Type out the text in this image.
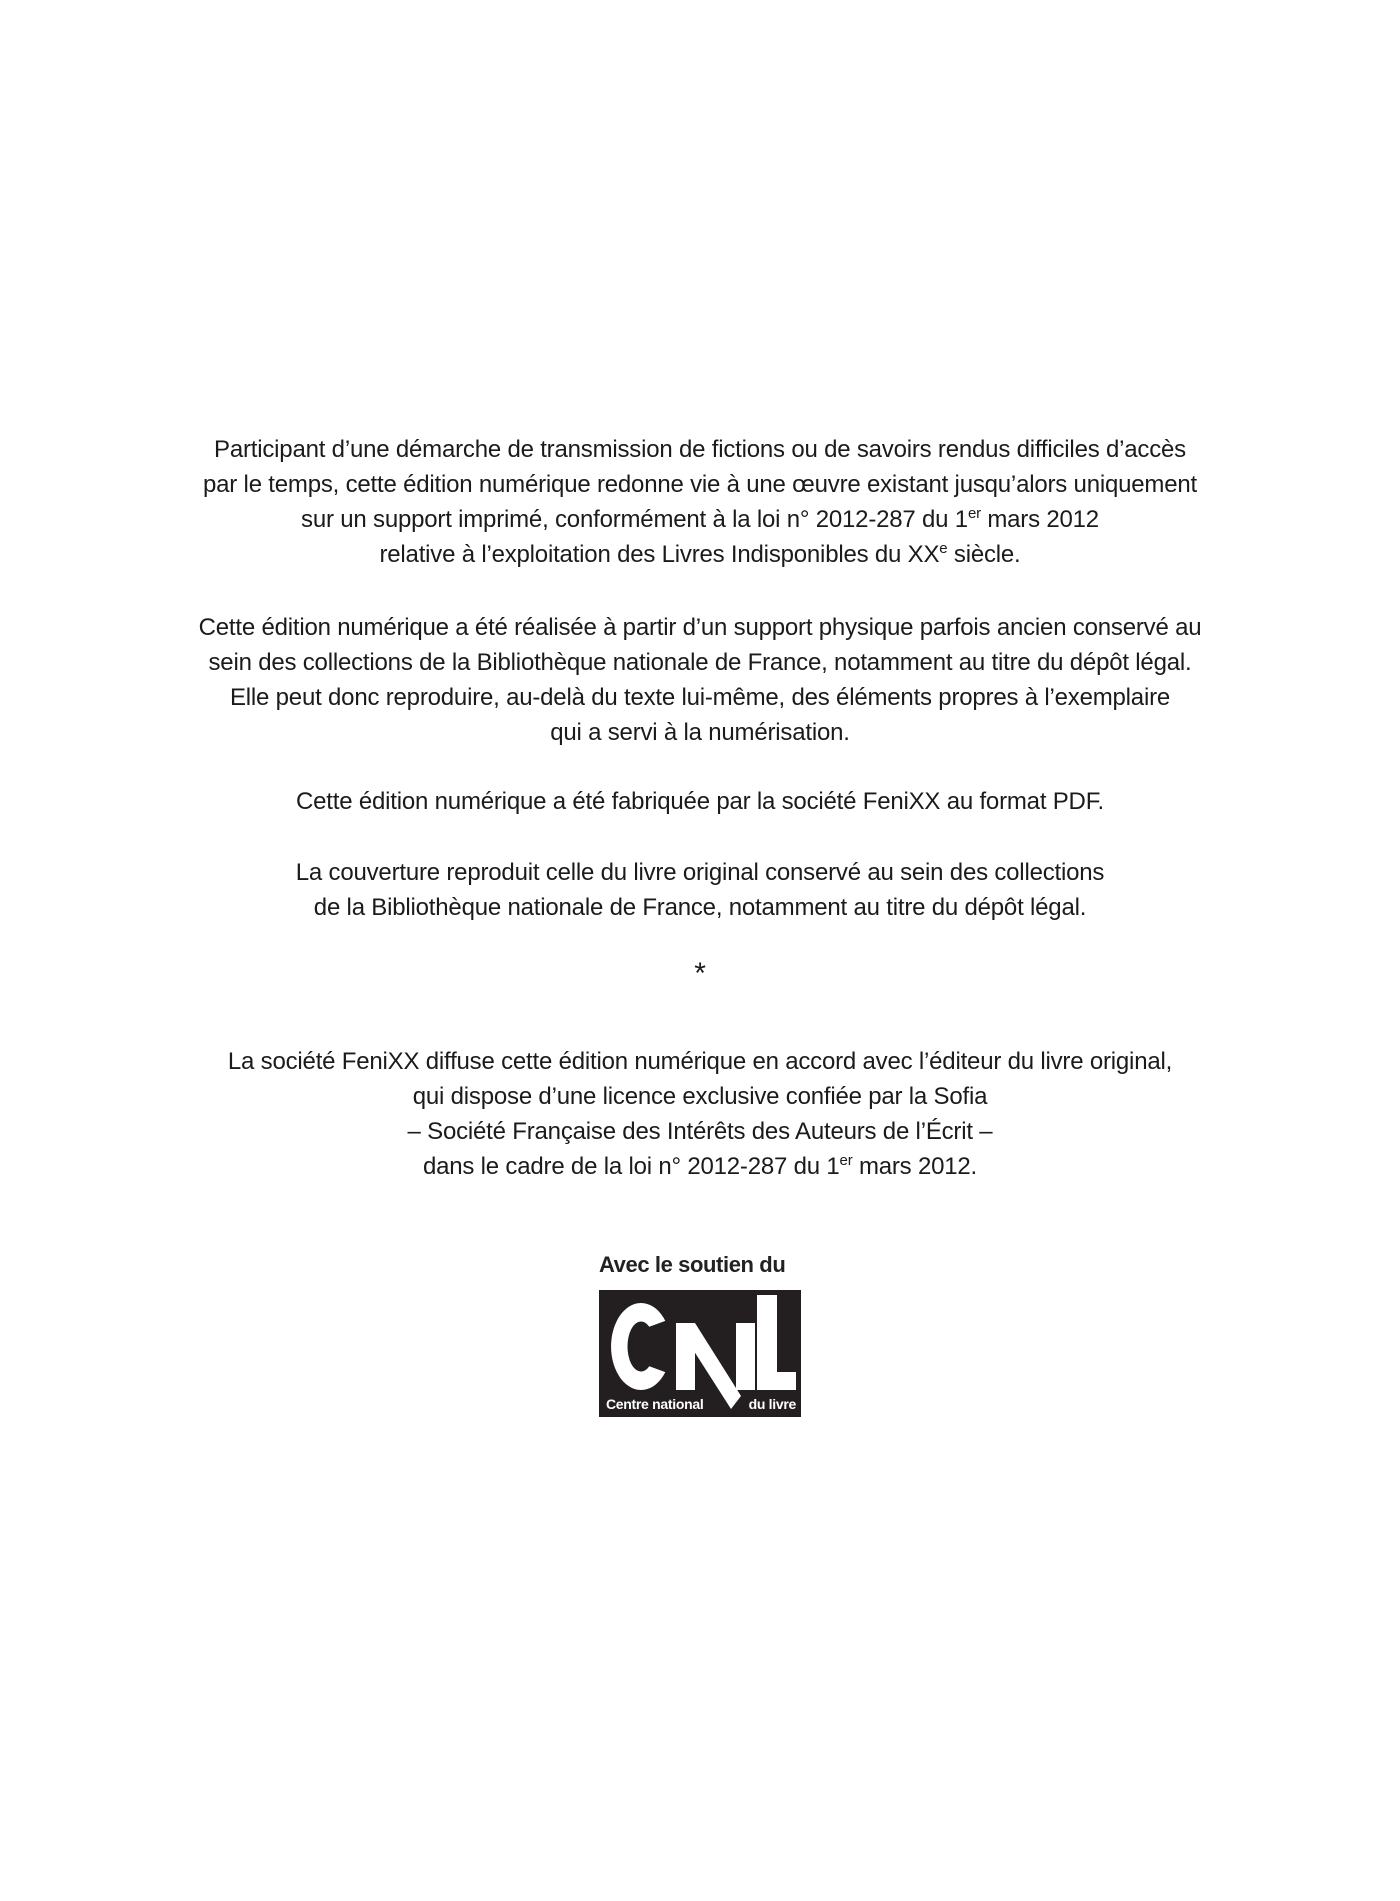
Participant d’une démarche de transmission de fictions ou de savoirs rendus difficiles d’accès
par le temps, cette édition numérique redonne vie à une œuvre existant jusqu’alors uniquement
sur un support imprimé, conformément à la loi n° 2012-287 du 1er mars 2012
relative à l’exploitation des Livres Indisponibles du XXe siècle.
Cette édition numérique a été réalisée à partir d’un support physique parfois ancien conservé au
sein des collections de la Bibliothèque nationale de France, notamment au titre du dépôt légal.
Elle peut donc reproduire, au-delà du texte lui-même, des éléments propres à l’exemplaire
qui a servi à la numérisation.
Cette édition numérique a été fabriquée par la société FeniXX au format PDF.
La couverture reproduit celle du livre original conservé au sein des collections
de la Bibliothèque nationale de France, notamment au titre du dépôt légal.
*
La société FeniXX diffuse cette édition numérique en accord avec l’éditeur du livre original,
qui dispose d’une licence exclusive confiée par la Sofia
– Société Française des Intérêts des Auteurs de l’Écrit –
dans le cadre de la loi n° 2012-287 du 1er mars 2012.
Avec le soutien du
Centre national	du livre
